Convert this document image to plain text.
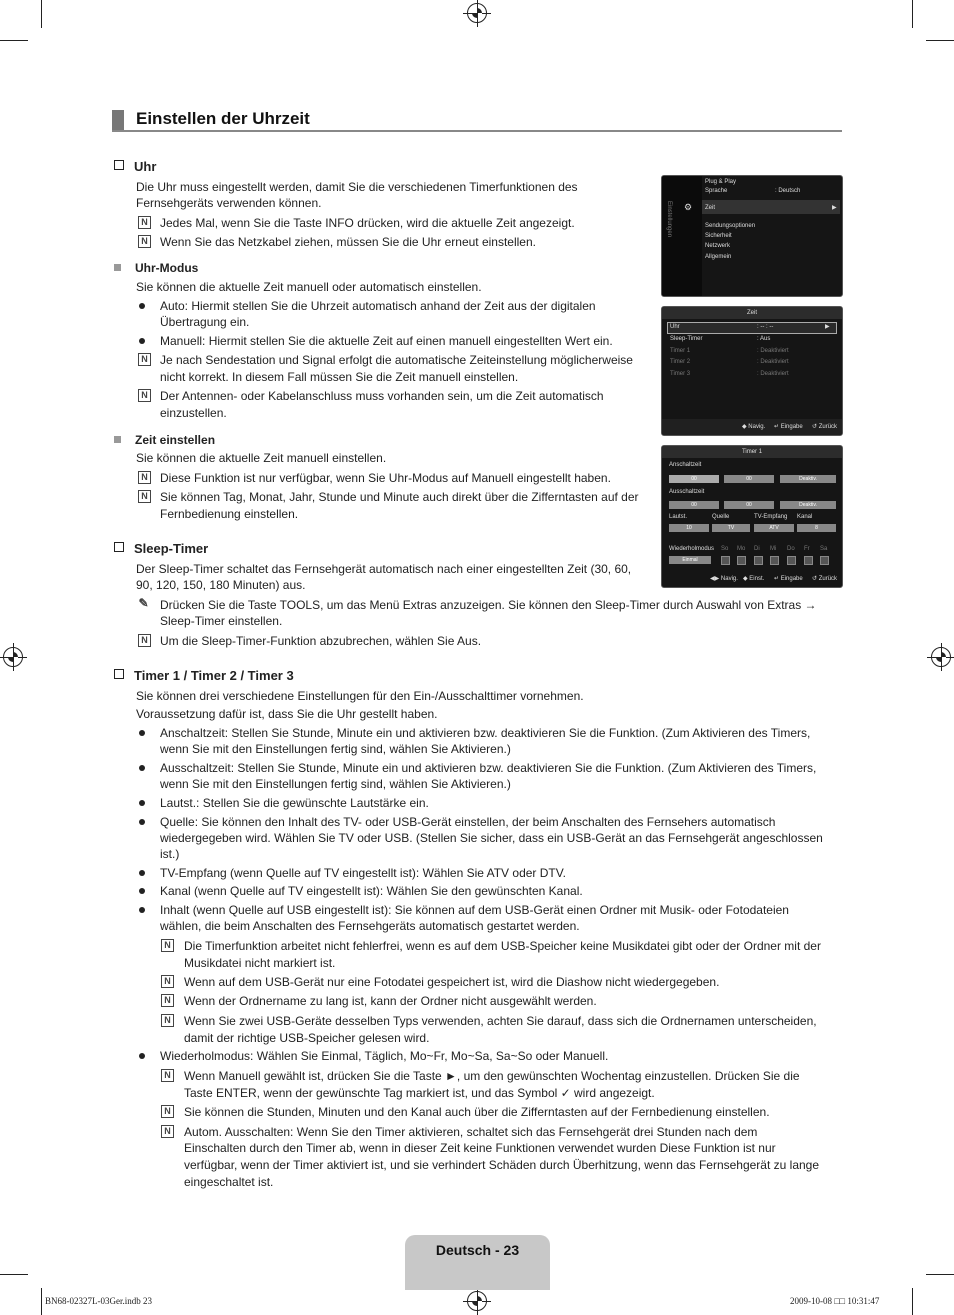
Einstellen der Uhrzeit
Uhr
Die Uhr muss eingestellt werden, damit Sie die verschiedenen Timerfunktionen des
Fernsehgeräts verwenden können.
N Jedes Mal, wenn Sie die Taste INFO drücken, wird die aktuelle Zeit angezeigt.
N Wenn Sie das Netzkabel ziehen, müssen Sie die Uhr erneut einstellen.
Uhr-Modus
Sie können die aktuelle Zeit manuell oder automatisch einstellen.
Auto: Hiermit stellen Sie die Uhrzeit automatisch anhand der Zeit aus der digitalen
Übertragung ein.
Manuell: Hiermit stellen Sie die aktuelle Zeit auf einen manuell eingestellten Wert ein.
N Je nach Sendestation und Signal erfolgt die automatische Zeiteinstellung möglicherweise
nicht korrekt. In diesem Fall müssen Sie die Zeit manuell einstellen.
N Der Antennen- oder Kabelanschluss muss vorhanden sein, um die Zeit automatisch
einzustellen.
Zeit einstellen
Sie können die aktuelle Zeit manuell einstellen.
N Diese Funktion ist nur verfügbar, wenn Sie Uhr-Modus auf Manuell eingestellt haben.
N Sie können Tag, Monat, Jahr, Stunde und Minute auch direkt über die Zifferntasten auf der
Fernbedienung einstellen.
Sleep-Timer
Der Sleep-Timer schaltet das Fernsehgerät automatisch nach einer eingestellten Zeit (30, 60,
90, 120, 150, 180 Minuten) aus.
✎ Drücken Sie die Taste TOOLS, um das Menü Extras anzuzeigen. Sie können den Sleep-Timer durch Auswahl von Extras →
Sleep-Timer einstellen.
N Um die Sleep-Timer-Funktion abzubrechen, wählen Sie Aus.
Timer 1 / Timer 2 / Timer 3
Sie können drei verschiedene Einstellungen für den Ein-/Ausschalttimer vornehmen.
Voraussetzung dafür ist, dass Sie die Uhr gestellt haben.
Anschaltzeit: Stellen Sie Stunde, Minute ein und aktivieren bzw. deaktivieren Sie die Funktion. (Zum Aktivieren des Timers,
wenn Sie mit den Einstellungen fertig sind, wählen Sie Aktivieren.)
Ausschaltzeit: Stellen Sie Stunde, Minute ein und aktivieren bzw. deaktivieren Sie die Funktion. (Zum Aktivieren des Timers,
wenn Sie mit den Einstellungen fertig sind, wählen Sie Aktivieren.)
Lautst.: Stellen Sie die gewünschte Lautstärke ein.
Quelle: Sie können den Inhalt des TV- oder USB-Gerät einstellen, der beim Anschalten des Fernsehers automatisch
wiedergegeben wird. Wählen Sie TV oder USB. (Stellen Sie sicher, dass ein USB-Gerät an das Fernsehgerät angeschlossen
ist.)
TV-Empfang (wenn Quelle auf TV eingestellt ist): Wählen Sie ATV oder DTV.
Kanal (wenn Quelle auf TV eingestellt ist): Wählen Sie den gewünschten Kanal.
Inhalt (wenn Quelle auf USB eingestellt ist): Sie können auf dem USB-Gerät einen Ordner mit Musik- oder Fotodateien
wählen, die beim Anschalten des Fernsehgeräts automatisch gestartet werden.
N Die Timerfunktion arbeitet nicht fehlerfrei, wenn es auf dem USB-Speicher keine Musikdatei gibt oder der Ordner mit der
Musikdatei nicht markiert ist.
N Wenn auf dem USB-Gerät nur eine Fotodatei gespeichert ist, wird die Diashow nicht wiedergegeben.
N Wenn der Ordnername zu lang ist, kann der Ordner nicht ausgewählt werden.
N Wenn Sie zwei USB-Geräte desselben Typs verwenden, achten Sie darauf, dass sich die Ordnernamen unterscheiden,
damit der richtige USB-Speicher gelesen wird.
Wiederholmodus: Wählen Sie Einmal, Täglich, Mo~Fr, Mo~Sa, Sa~So oder Manuell.
N Wenn Manuell gewählt ist, drücken Sie die Taste ►, um den gewünschten Wochentag einzustellen. Drücken Sie die
Taste ENTER, wenn der gewünschte Tag markiert ist, und das Symbol ✓ wird angezeigt.
N Sie können die Stunden, Minuten und den Kanal auch über die Zifferntasten auf der Fernbedienung einstellen.
N Autom. Ausschalten: Wenn Sie den Timer aktivieren, schaltet sich das Fernsehgerät drei Stunden nach dem
Einschalten durch den Timer ab, wenn in dieser Zeit keine Funktionen verwendet wurden Diese Funktion ist nur
verfügbar, wenn der Timer aktiviert ist, und sie verhindert Schäden durch Überhitzung, wenn das Fernsehgerät zu lange
eingeschaltet ist.
Einstellungen
Plug & Play
Sprache	: Deutsch
Zeit	▶
Sendungsoptionen
Sicherheit
Netzwerk
Allgemein
⚙
Zeit
Uhr	: -- : --	▶
Sleep-Timer	: Aus
Timer 1	: Deaktiviert
Timer 2	: Deaktiviert
Timer 3	: Deaktiviert
◆ Navig. ↵ Eingabe ↺ Zurück
Timer 1
Anschaltzeit
00	00	Deaktiv.
Ausschaltzeit
00	00	Deaktiv.
Lautst.	Quelle	TV-Empfang Kanal
10	TV	ATV	8
Wiederholmodus So Mo Di Mi Do Fr Sa
Einmal
◀▶ Navig. ◆ Einst. ↵ Eingabe ↺ Zurück
Deutsch - 23
BN68-02327L-03Ger.indb 23	2009-10-08 □□ 10:31:47
